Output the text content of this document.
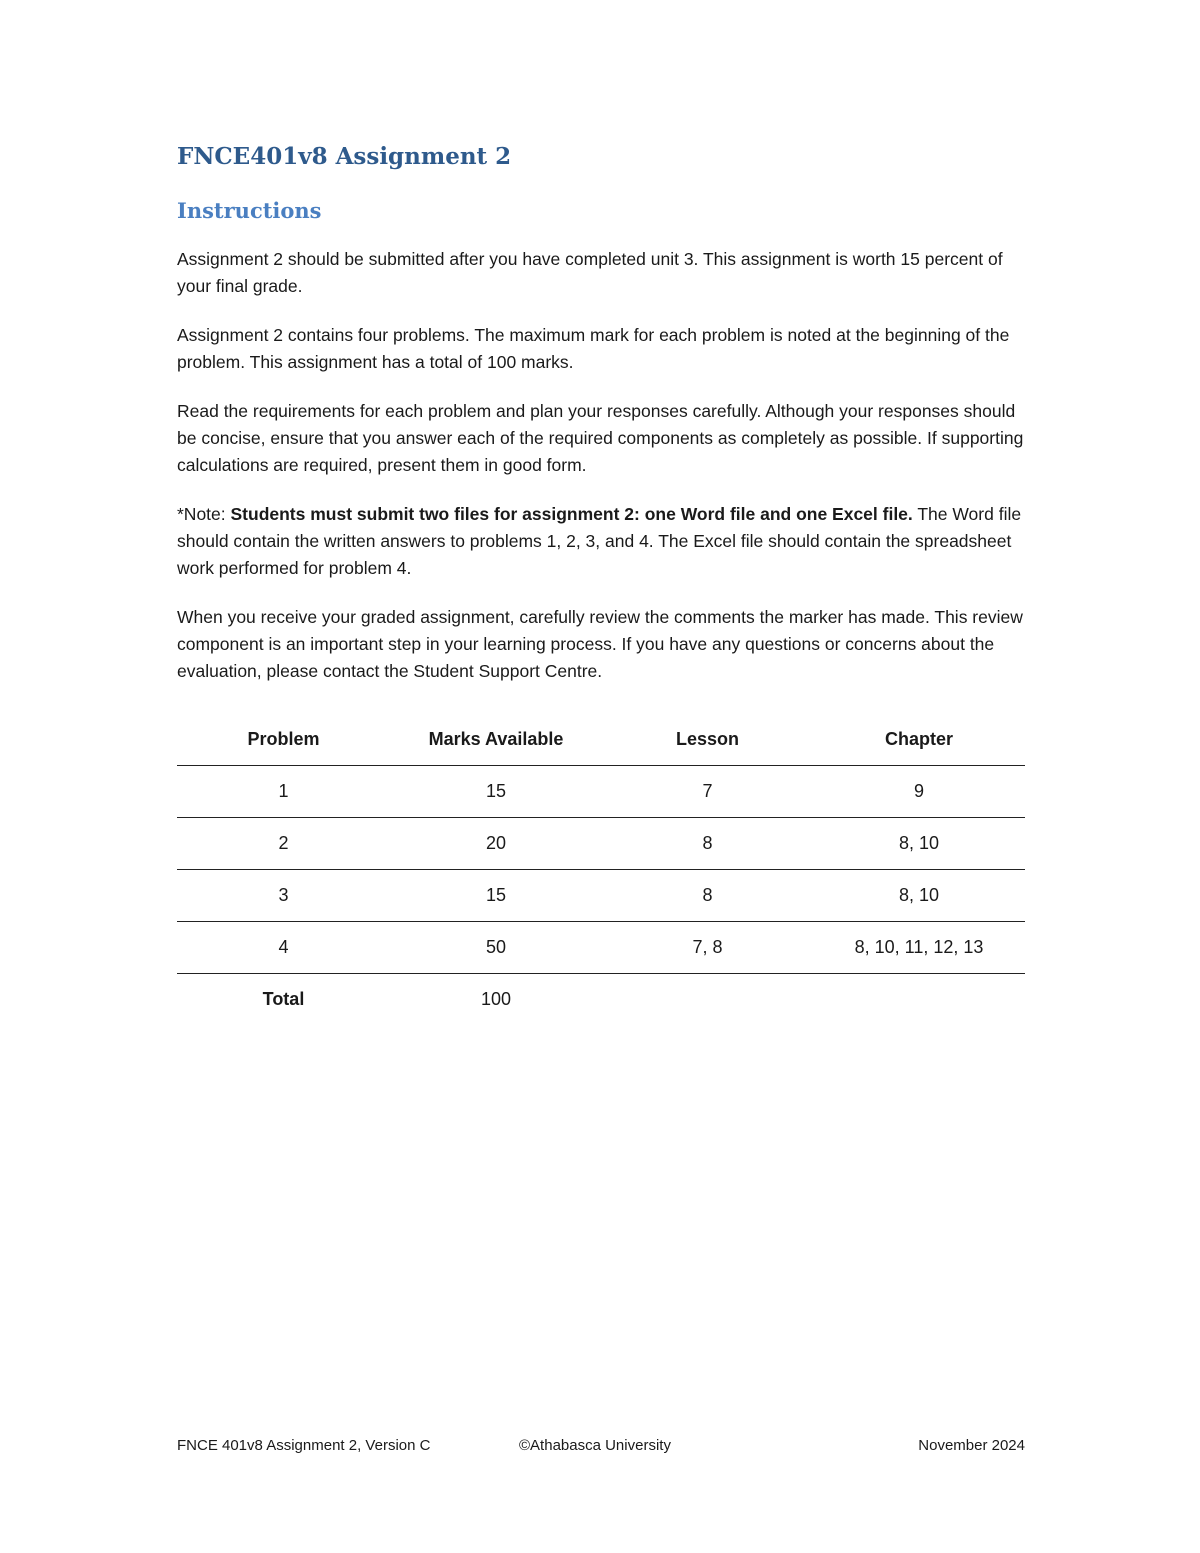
FNCE401v8 Assignment 2
Instructions

Assignment 2 should be submitted after you have completed unit 3. This assignment is worth 15 percent of your final grade.

Assignment 2 contains four problems. The maximum mark for each problem is noted at the beginning of the problem. This assignment has a total of 100 marks.

Read the requirements for each problem and plan your responses carefully. Although your responses should be concise, ensure that you answer each of the required components as completely as possible. If supporting calculations are required, present them in good form.

*Note: Students must submit two files for assignment 2: one Word file and one Excel file. The Word file should contain the written answers to problems 1, 2, 3, and 4. The Excel file should contain the spreadsheet work performed for problem 4.

When you receive your graded assignment, carefully review the comments the marker has made. This review component is an important step in your learning process. If you have any questions or concerns about the evaluation, please contact the Student Support Centre.

Problem	Marks Available	Lesson	Chapter
1	15	7	9
2	20	8	8, 10
3	15	8	8, 10
4	50	7, 8	8, 10, 11, 12, 13
Total	100		
FNCE 401v8 Assignment 2, Version C	©Athabasca University	November 2024
